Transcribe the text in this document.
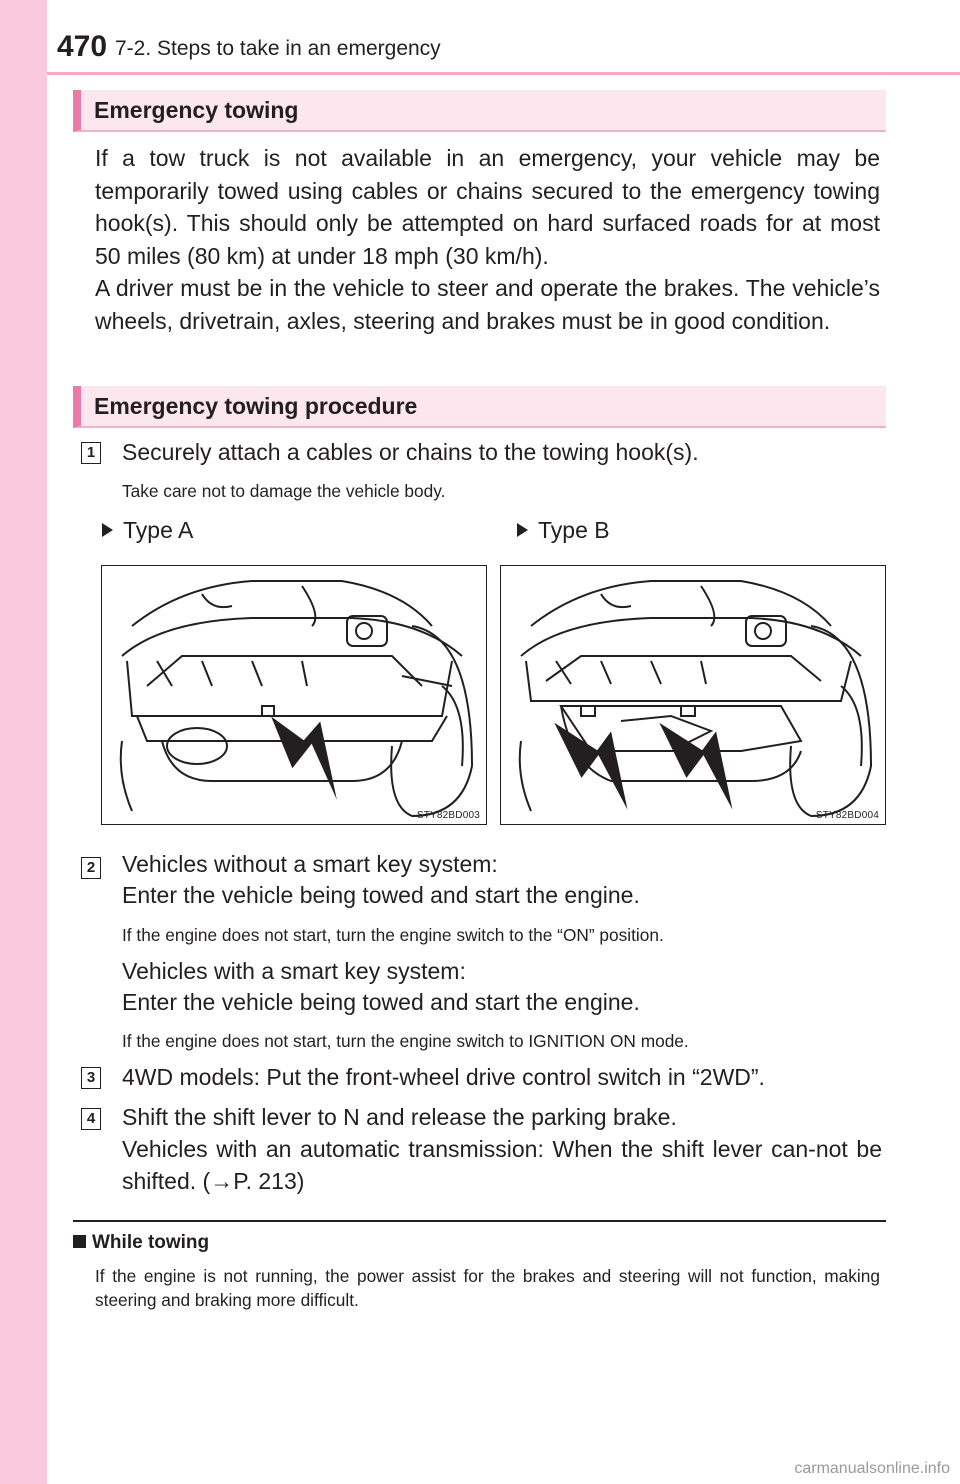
470 7-2. Steps to take in an emergency
Emergency towing
If a tow truck is not available in an emergency, your vehicle may be temporarily towed using cables or chains secured to the emergency towing hook(s). This should only be attempted on hard surfaced roads for at most 50 miles (80 km) at under 18 mph (30 km/h).
A driver must be in the vehicle to steer and operate the brakes. The vehicle’s wheels, drivetrain, axles, steering and brakes must be in good condition.
Emergency towing procedure
1 Securely attach a cables or chains to the towing hook(s).
Take care not to damage the vehicle body.
Type A	Type B
STY82BD003	STY82BD004
2 Vehicles without a smart key system:
Enter the vehicle being towed and start the engine.
If the engine does not start, turn the engine switch to the “ON” position.
Vehicles with a smart key system:
Enter the vehicle being towed and start the engine.
If the engine does not start, turn the engine switch to IGNITION ON mode.
3 4WD models: Put the front-wheel drive control switch in “2WD”.
4 Shift the shift lever to N and release the parking brake.
Vehicles with an automatic transmission: When the shift lever can-not be shifted. (→P. 213)
While towing
If the engine is not running, the power assist for the brakes and steering will not function, making steering and braking more difficult.
carmanualsonline.info
